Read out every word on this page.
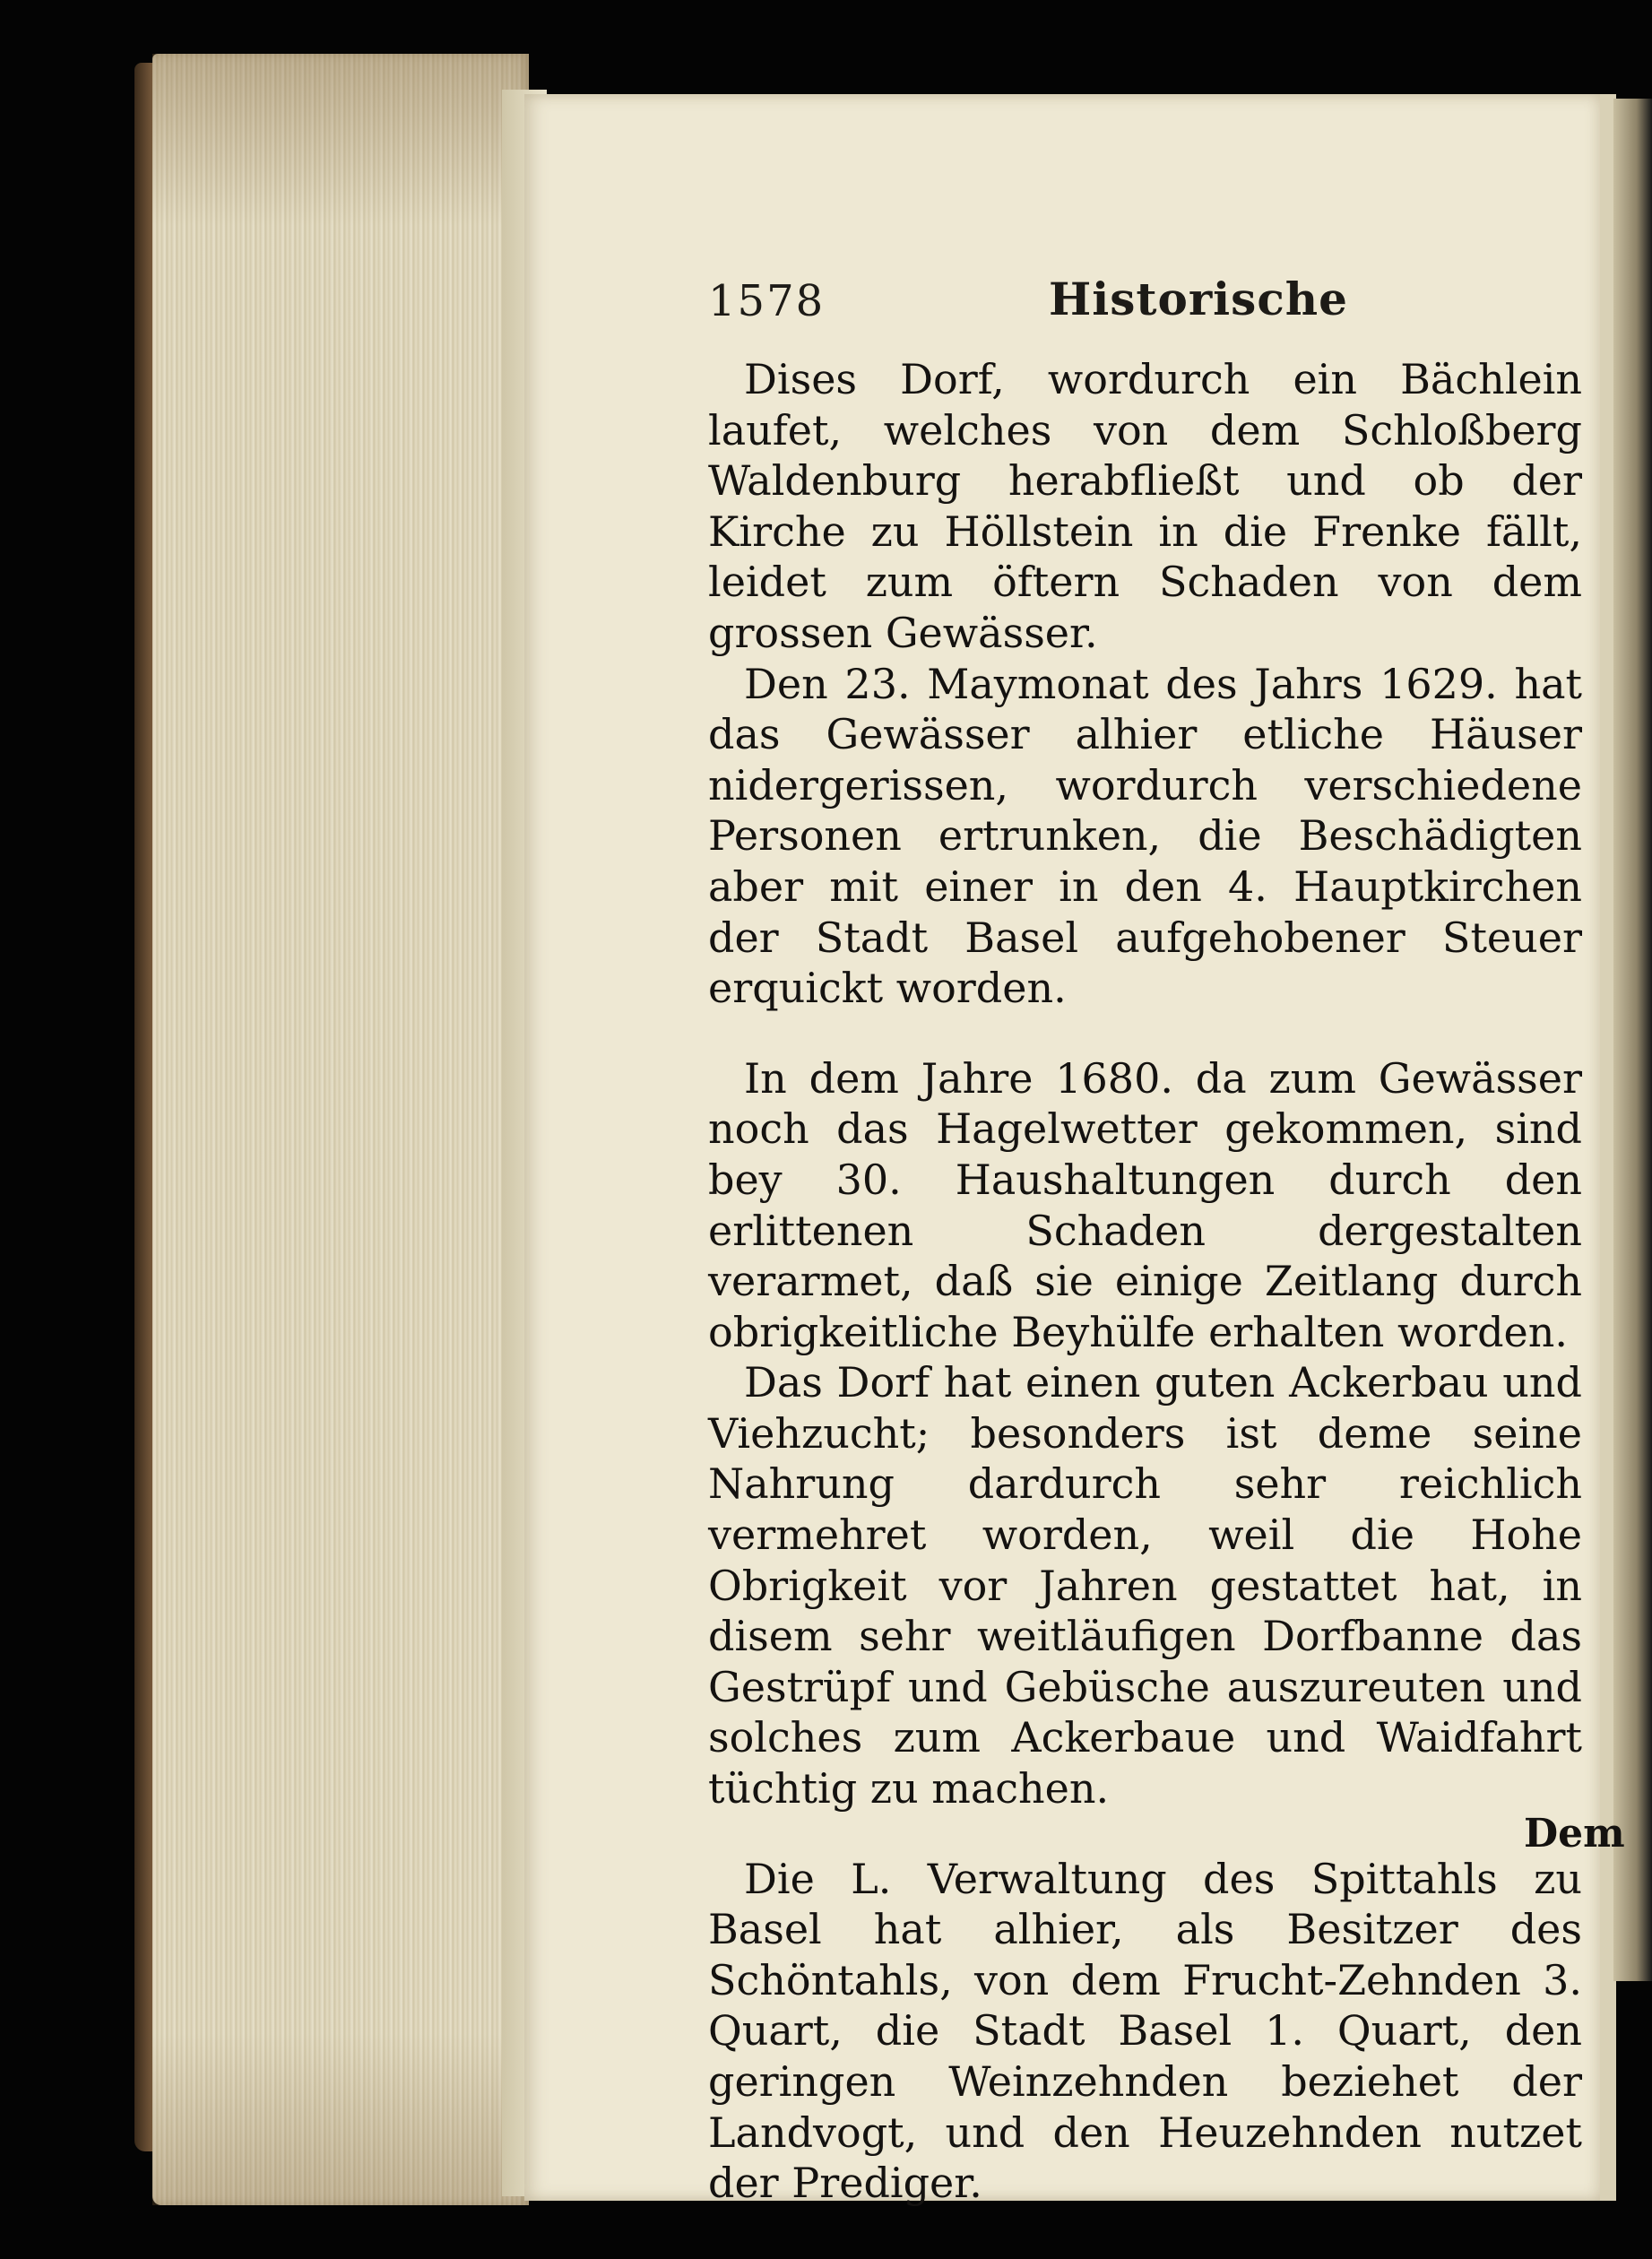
1578	Historische

Dises Dorf, wordurch ein Bächlein laufet, welches von dem Schloßberg Waldenburg herabfließt und ob der Kirche zu Höllstein in die Frenke fällt, leidet zum öftern Schaden von dem grossen Gewässer.

Den 23. Maymonat des Jahrs 1629. hat das Gewässer alhier etliche Häuser nidergerissen, wordurch verschiedene Personen ertrunken, die Beschädigten aber mit einer in den 4. Hauptkirchen der Stadt Basel aufgehobener Steuer erquickt worden.

In dem Jahre 1680. da zum Gewässer noch das Hagelwetter gekommen, sind bey 30. Haushaltungen durch den erlittenen Schaden dergestalten verarmet, daß sie einige Zeitlang durch obrigkeitliche Beyhülfe erhalten worden.

Das Dorf hat einen guten Ackerbau und Viehzucht; besonders ist deme seine Nahrung dardurch sehr reichlich vermehret worden, weil die Hohe Obrigkeit vor Jahren gestattet hat, in disem sehr weitläufigen Dorfbanne das Gestrüpf und Gebüsche auszureuten und solches zum Ackerbaue und Waidfahrt tüchtig zu machen.

Die L. Verwaltung des Spittahls zu Basel hat alhier, als Besitzer des Schöntahls, von dem Frucht-Zehnden 3. Quart, die Stadt Basel 1. Quart, den geringen Weinzehnden beziehet der Landvogt, und den Heuzehnden nutzet der Prediger.

Dem
